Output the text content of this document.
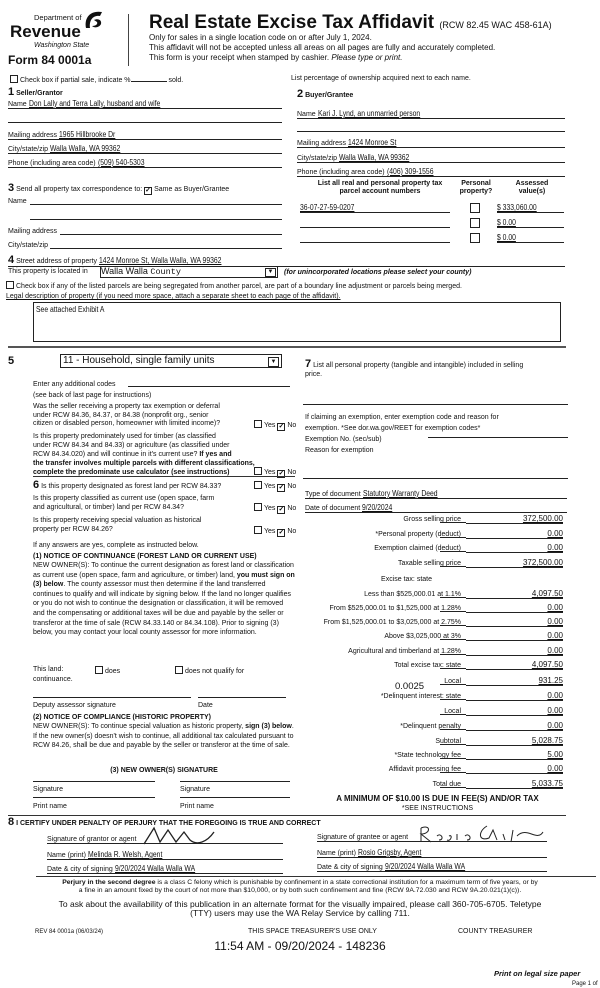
Department of
Revenue
Washington State
Form 84 0001a
Real Estate Excise Tax Affidavit (RCW 82.45 WAC 458-61A)
Only for sales in a single location code on or after July 1, 2024.
This affidavit will not be accepted unless all areas on all pages are fully and accurately completed.
This form is your receipt when stamped by cashier. Please type or print.
Check box if partial sale, indicate %	sold.	List percentage of ownership acquired next to each name.
1 Seller/Grantor
Name Don Lally and Terra Lally, husband and wife
Mailing address 1965 Hillbrooke Dr
City/state/zip Walla Walla, WA 99362
Phone (including area code) (509) 540-5303
2 Buyer/Grantee
Name Kari J. Lynd, an unmarried person
Mailing address 1424 Monroe St
City/state/zip Walla Walla, WA 99362
Phone (including area code) (406) 309-1556
3 Send all property tax correspondence to: ✓ Same as Buyer/Grantee
Name
Mailing address
City/state/zip
List all real and personal property tax
parcel account numbers
Personal
property?
Assessed
value(s)
36-07-27-59-0207	$ 333,060.00
$ 0.00
$ 0.00
4 Street address of property 1424 Monroe St, Walla Walla, WA 99362
This property is located in Walla Walla County	▼	(for unincorporated locations please select your county)
Check box if any of the listed parcels are being segregated from another parcel, are part of a boundary line adjustment or parcels being merged.
Legal description of property (if you need more space, attach a separate sheet to each page of the affidavit).
See attached Exhibit A
5	11 - Household, single family units	▼
Enter any additional codes
(see back of last page for instructions)
Was the seller receiving a property tax exemption or deferral
under RCW 84.36, 84.37, or 84.38 (nonprofit org., senior
citizen or disabled person, homeowner with limited income)?	Yes ✓ No
Is this property predominately used for timber (as classified
under RCW 84.34 and 84.33) or agriculture (as classified under
RCW 84.34.020) and will continue in it's current use? If yes and
the transfer involves multiple parcels with different classifications,
complete the predominate use calculator (see instructions)	Yes ✓ No
6 Is this property designated as forest land per RCW 84.33?	Yes ✓ No
Is this property classified as current use (open space, farm
and agricultural, or timber) land per RCW 84.34?	Yes ✓ No
Is this property receiving special valuation as historical
property per RCW 84.26?	Yes ✓ No
If any answers are yes, complete as instructed below.
(1) NOTICE OF CONTINUANCE (FOREST LAND OR CURRENT USE)
NEW OWNER(S): To continue the current designation as forest land or classification as current use (open space, farm and agriculture, or timber) land, you must sign on (3) below. The county assessor must then determine if the land transferred continues to qualify and will indicate by signing below. If the land no longer qualifies or you do not wish to continue the designation or classification, it will be removed and the compensating or additional taxes will be due and payable by the seller or transferor at the time of sale (RCW 84.33.140 or 84.34.108). Prior to signing (3) below, you may contact your local county assessor for more information.
This land:	does	does not qualify for
continuance.
Deputy assessor signature	Date
(2) NOTICE OF COMPLIANCE (HISTORIC PROPERTY)
NEW OWNER(S): To continue special valuation as historic property, sign (3) below. If the new owner(s) doesn't wish to continue, all additional tax calculated pursuant to RCW 84.26, shall be due and payable by the seller or transferor at the time of sale.
(3) NEW OWNER(S) SIGNATURE
Signature	Signature
Print name	Print name
7 List all personal property (tangible and intangible) included in selling
price.
If claiming an exemption, enter exemption code and reason for
exemption. *See dor.wa.gov/REET for exemption codes*
Exemption No. (sec/sub)
Reason for exemption
Type of document Statutory Warranty Deed
Date of document 9/20/2024
Gross selling price	372,500.00
*Personal property (deduct)	0.00
Exemption claimed (deduct)	0.00
Taxable selling price	372,500.00
Excise tax: state
Less than $525,000.01 at 1.1%	4,097.50
From $525,000.01 to $1,525,000 at 1.28%	0.00
From $1,525,000.01 to $3,025,000 at 2.75%	0.00
Above $3,025,000 at 3%	0.00
Agricultural and timberland at 1.28%	0.00
Total excise tax: state	4,097.50
Local	931.25
*Delinquent interest: state	0.00
Local	0.00
*Delinquent penalty	0.00
Subtotal	5,028.75
*State technology fee	5.00
Affidavit processing fee	0.00
Total due	5,033.75
0.0025
A MINIMUM OF $10.00 IS DUE IN FEE(S) AND/OR TAX
*SEE INSTRUCTIONS
8 I CERTIFY UNDER PENALTY OF PERJURY THAT THE FOREGOING IS TRUE AND CORRECT
Signature of grantor or agent
Name (print) Melinda R. Welsh, Agent
Date & city of signing 9/20/2024 Walla Walla WA
Signature of grantee or agent
Name (print) Rosio Grigsby, Agent
Date & city of signing 9/20/2024 Walla Walla WA
Perjury in the second degree is a class C felony which is punishable by confinement in a state correctional institution for a maximum term of five years, or by
a fine in an amount fixed by the court of not more than $10,000, or by both such confinement and fine (RCW 9A.72.030 and RCW 9A.20.021(1)(c)).
To ask about the availability of this publication in an alternate format for the visually impaired, please call 360-705-6705. Teletype
(TTY) users may use the WA Relay Service by calling 711.
REV 84 0001a (06/03/24)	THIS SPACE TREASURER'S USE ONLY	COUNTY TREASURER
11:54 AM - 09/20/2024 - 148236
Print on legal size paper
Page 1 of
